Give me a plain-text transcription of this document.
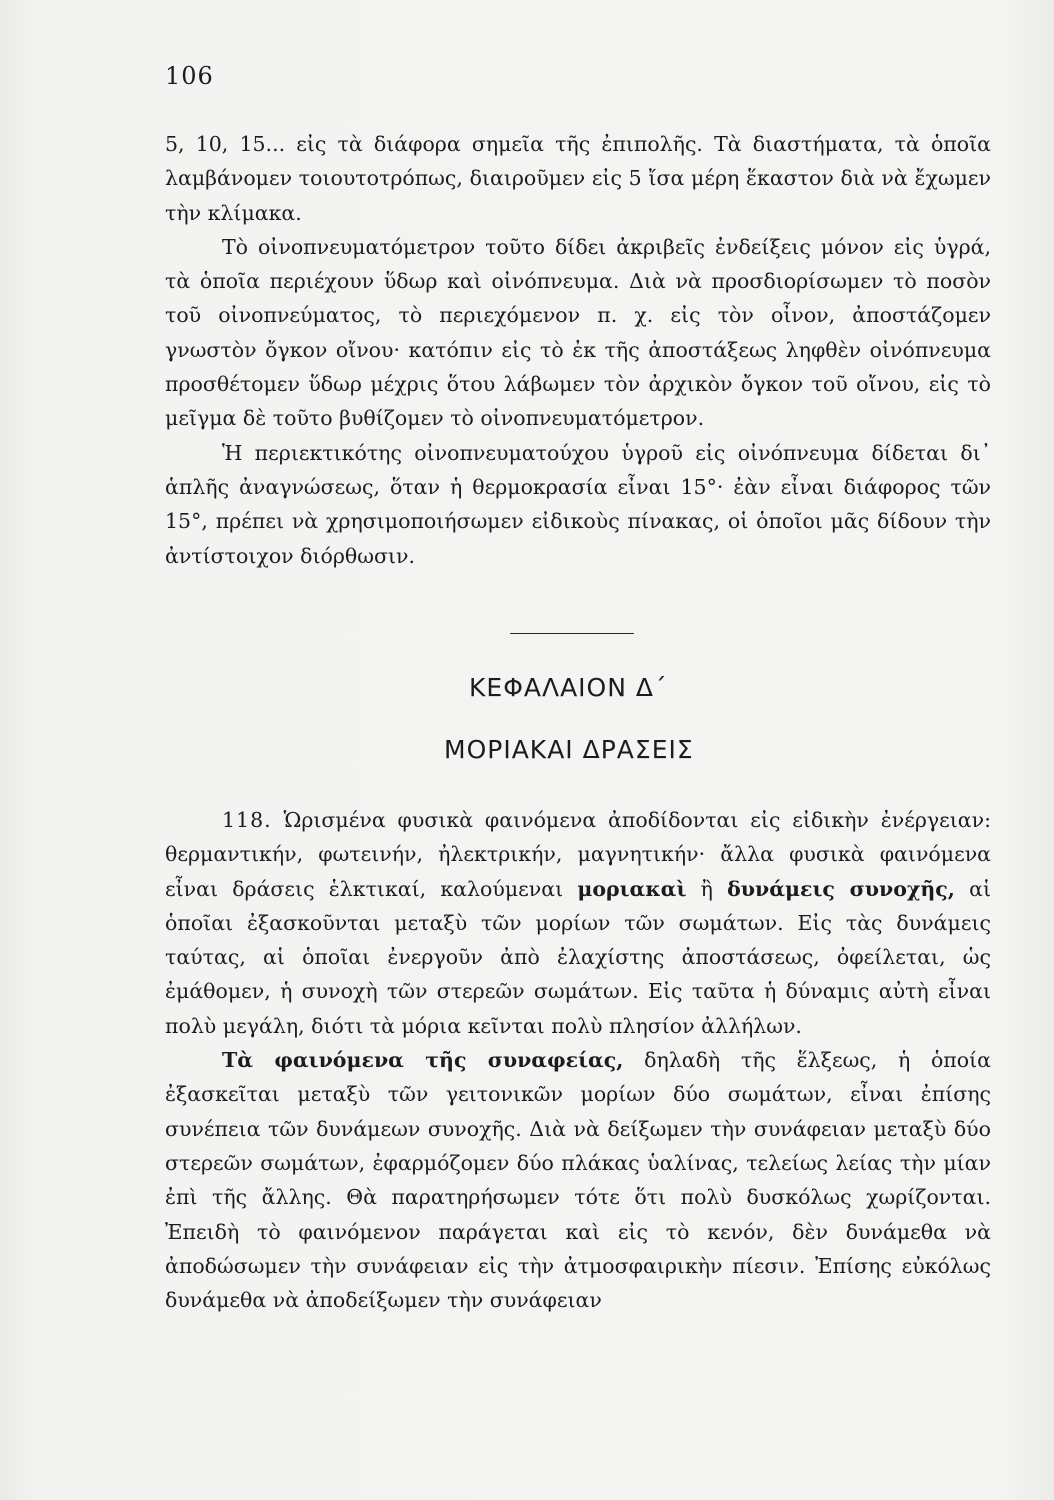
106

5, 10, 15... εἰς τὰ διάφορα σημεῖα τῆς ἐπιπολῆς. Τὰ διαστήματα, τὰ ὁποῖα λαμβάνομεν τοιουτοτρόπως, διαιροῦμεν εἰς 5 ἴσα μέρη ἕκαστον διὰ νὰ ἔχωμεν τὴν κλίμακα.

Τὸ οἰνοπνευματόμετρον τοῦτο δίδει ἀκριβεῖς ἐνδείξεις μόνον εἰς ὑγρά, τὰ ὁποῖα περιέχουν ὕδωρ καὶ οἰνόπνευμα. Διὰ νὰ προσδιορίσωμεν τὸ ποσὸν τοῦ οἰνοπνεύματος, τὸ περιεχόμενον π. χ. εἰς τὸν οἶνον, ἀποστάζομεν γνωστὸν ὄγκον οἴνου· κατόπιν εἰς τὸ ἐκ τῆς ἀποστάξεως ληφθὲν οἰνόπνευμα προσθέτομεν ὕδωρ μέχρις ὅτου λάβωμεν τὸν ἀρχικὸν ὄγκον τοῦ οἴνου, εἰς τὸ μεῖγμα δὲ τοῦτο βυθίζομεν τὸ οἰνοπνευματόμετρον.

Ἡ περιεκτικότης οἰνοπνευματούχου ὑγροῦ εἰς οἰνόπνευμα δίδεται δι᾿ ἁπλῆς ἀναγνώσεως, ὅταν ἡ θερμοκρασία εἶναι 15°· ἐὰν εἶναι διάφορος τῶν 15°, πρέπει νὰ χρησιμοποιήσωμεν εἰδικοὺς πίνακας, οἱ ὁποῖοι μᾶς δίδουν τὴν ἀντίστοιχον διόρθωσιν.

ΚΕΦΑΛΑΙΟΝ Δ΄
ΜΟΡΙΑΚΑΙ ΔΡΑΣΕΙΣ

118. Ὡρισμένα φυσικὰ φαινόμενα ἀποδίδονται εἰς εἰδικὴν ἐνέργειαν: θερμαντικήν, φωτεινήν, ἠλεκτρικήν, μαγνητικήν· ἄλλα φυσικὰ φαινόμενα εἶναι δράσεις ἑλκτικαί, καλούμεναι μοριακαὶ ἢ δυνάμεις συνοχῆς, αἱ ὁποῖαι ἐξασκοῦνται μεταξὺ τῶν μορίων τῶν σωμάτων. Εἰς τὰς δυνάμεις ταύτας, αἱ ὁποῖαι ἐνεργοῦν ἀπὸ ἐλαχίστης ἀποστάσεως, ὀφείλεται, ὡς ἐμάθομεν, ἡ συνοχὴ τῶν στερεῶν σωμάτων. Εἰς ταῦτα ἡ δύναμις αὐτὴ εἶναι πολὺ μεγάλη, διότι τὰ μόρια κεῖνται πολὺ πλησίον ἀλλήλων.

Τὰ φαινόμενα τῆς συναφείας, δηλαδὴ τῆς ἕλξεως, ἡ ὁποία ἐξασκεῖται μεταξὺ τῶν γειτονικῶν μορίων δύο σωμάτων, εἶναι ἐπίσης συνέπεια τῶν δυνάμεων συνοχῆς. Διὰ νὰ δείξωμεν τὴν συνάφειαν μεταξὺ δύο στερεῶν σωμάτων, ἐφαρμόζομεν δύο πλάκας ὑαλίνας, τελείως λείας τὴν μίαν ἐπὶ τῆς ἄλλης. Θὰ παρατηρήσωμεν τότε ὅτι πολὺ δυσκόλως χωρίζονται. Ἐπειδὴ τὸ φαινόμενον παράγεται καὶ εἰς τὸ κενόν, δὲν δυνάμεθα νὰ ἀποδώσωμεν τὴν συνάφειαν εἰς τὴν ἀτμοσφαιρικὴν πίεσιν. Ἐπίσης εὐκόλως δυνάμεθα νὰ ἀποδείξωμεν τὴν συνάφειαν
